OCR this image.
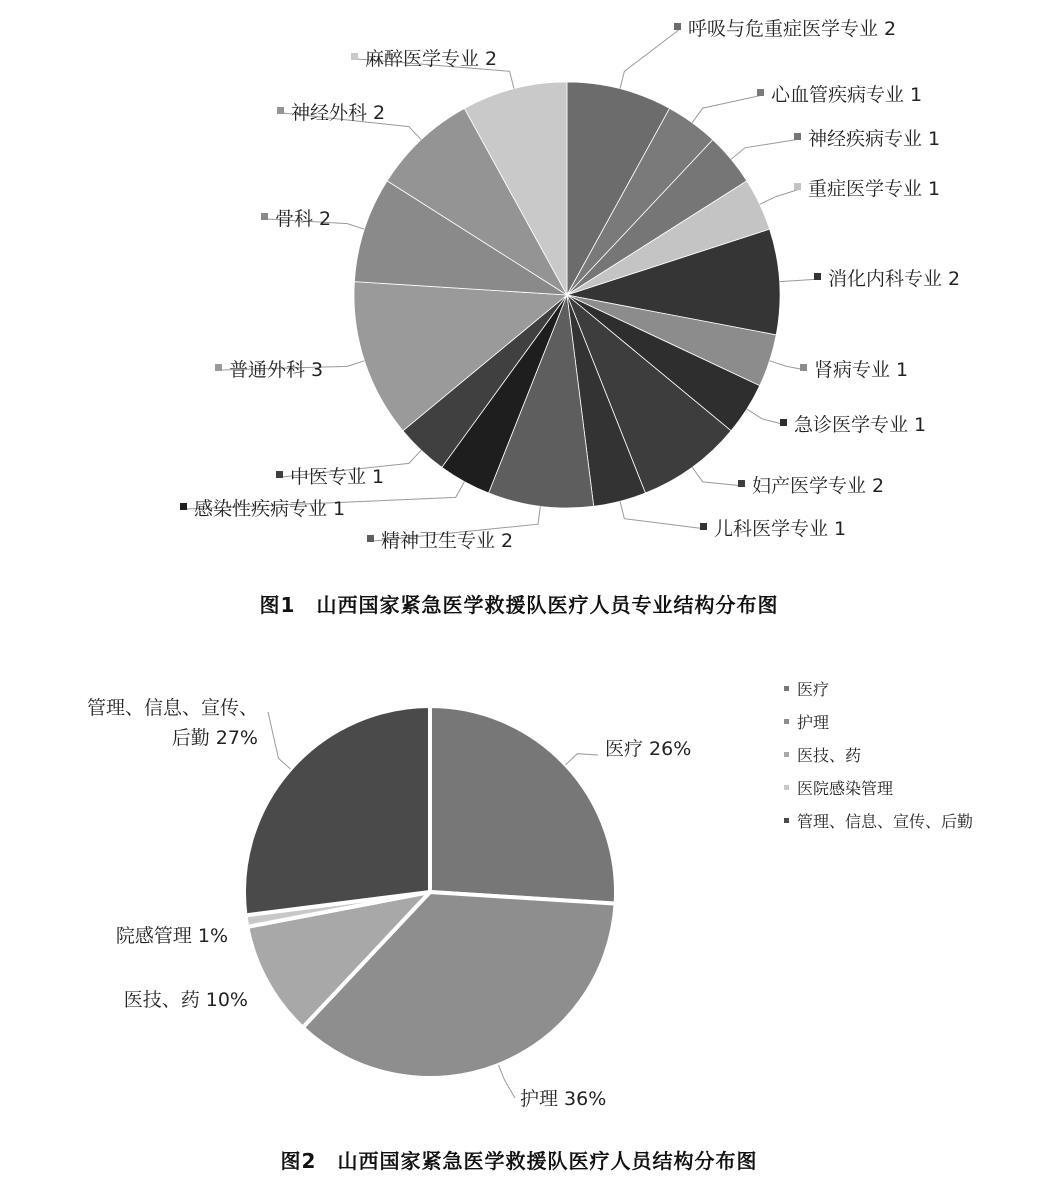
呼吸与危重症医学专业 2
心血管疾病专业 1
神经疾病专业 1
重症医学专业 1
消化内科专业 2
肾病专业 1
急诊医学专业 1
妇产医学专业 2
儿科医学专业 1
精神卫生专业 2
感染性疾病专业 1
中医专业 1
普通外科 3
骨科 2
神经外科 2
麻醉医学专业 2
图1　山西国家紧急医学救援队医疗人员专业结构分布图
医疗 26%
护理 36%
医技、药 10%
院感管理 1%
管理、信息、宣传、后勤 27%
医疗
护理
医技、药
医院感染管理
管理、信息、宣传、后勤
图2　山西国家紧急医学救援队医疗人员结构分布图
